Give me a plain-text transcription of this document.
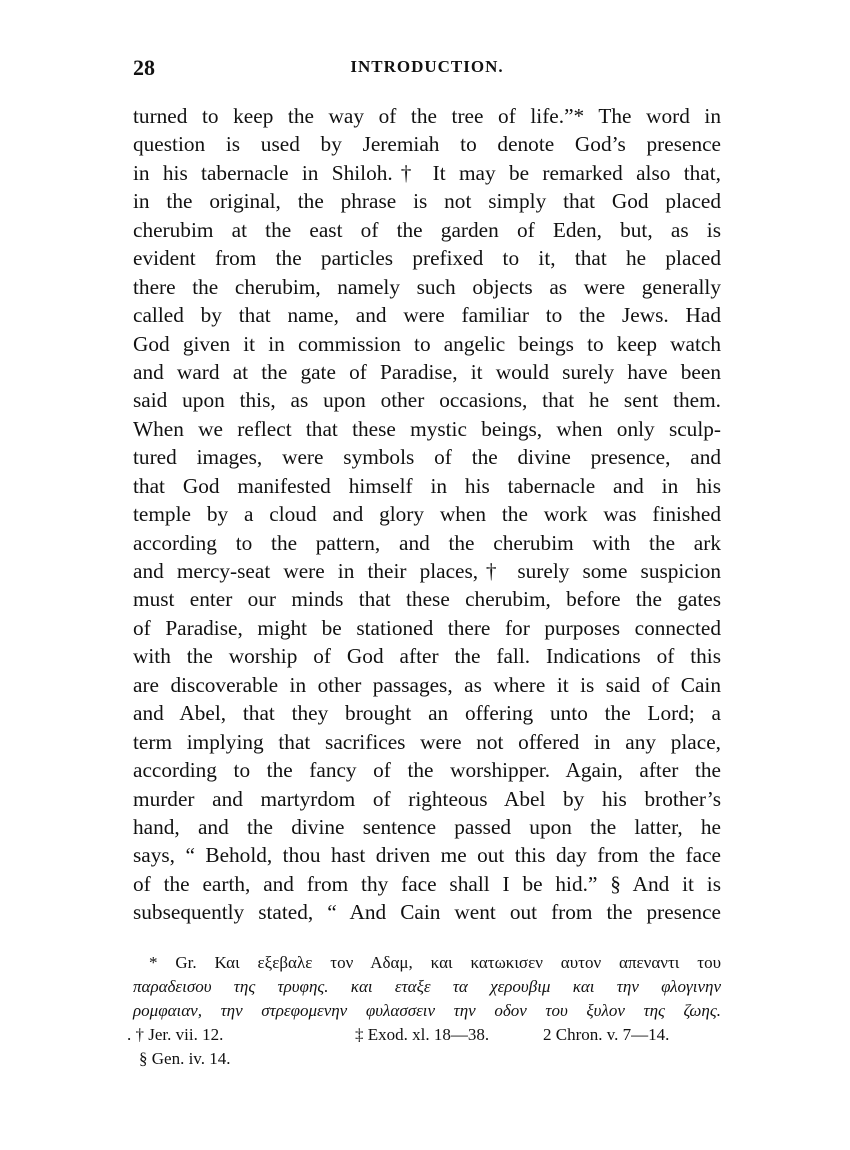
28	INTRODUCTION.
turned to keep the way of the tree of life.”* The word in
question is used by Jeremiah to denote God’s presence
in his tabernacle in Shiloh.† It may be remarked also that,
in the original, the phrase is not simply that God placed
cherubim at the east of the garden of Eden, but, as is
evident from the particles prefixed to it, that he placed
there the cherubim, namely such objects as were generally
called by that name, and were familiar to the Jews. Had
God given it in commission to angelic beings to keep watch
and ward at the gate of Paradise, it would surely have been
said upon this, as upon other occasions, that he sent them.
When we reflect that these mystic beings, when only sculp-
tured images, were symbols of the divine presence, and
that God manifested himself in his tabernacle and in his
temple by a cloud and glory when the work was finished
according to the pattern, and the cherubim with the ark
and mercy-seat were in their places,† surely some suspicion
must enter our minds that these cherubim, before the gates
of Paradise, might be stationed there for purposes connected
with the worship of God after the fall. Indications of this
are discoverable in other passages, as where it is said of Cain
and Abel, that they brought an offering unto the Lord; a
term implying that sacrifices were not offered in any place,
according to the fancy of the worshipper. Again, after the
murder and martyrdom of righteous Abel by his brother’s
hand, and the divine sentence passed upon the latter, he
says, “ Behold, thou hast driven me out this day from the face
of the earth, and from thy face shall I be hid.” § And it is
subsequently stated, “ And Cain went out from the presence
* Gr. Και εξεβαλε τον Αδαμ, και κατωκισεν αυτον απεναντι του
παραδεισου της τρυφης. και εταξε τα χερουβιμ και την φλογινην
ρομφαιαν, την στρεφομενην φυλασσειν την οδον του ξυλον της ζωης.
. † Jer. vii. 12.	‡ Exod. xl. 18—38.	2 Chron. v. 7—14.
§ Gen. iv. 14.
